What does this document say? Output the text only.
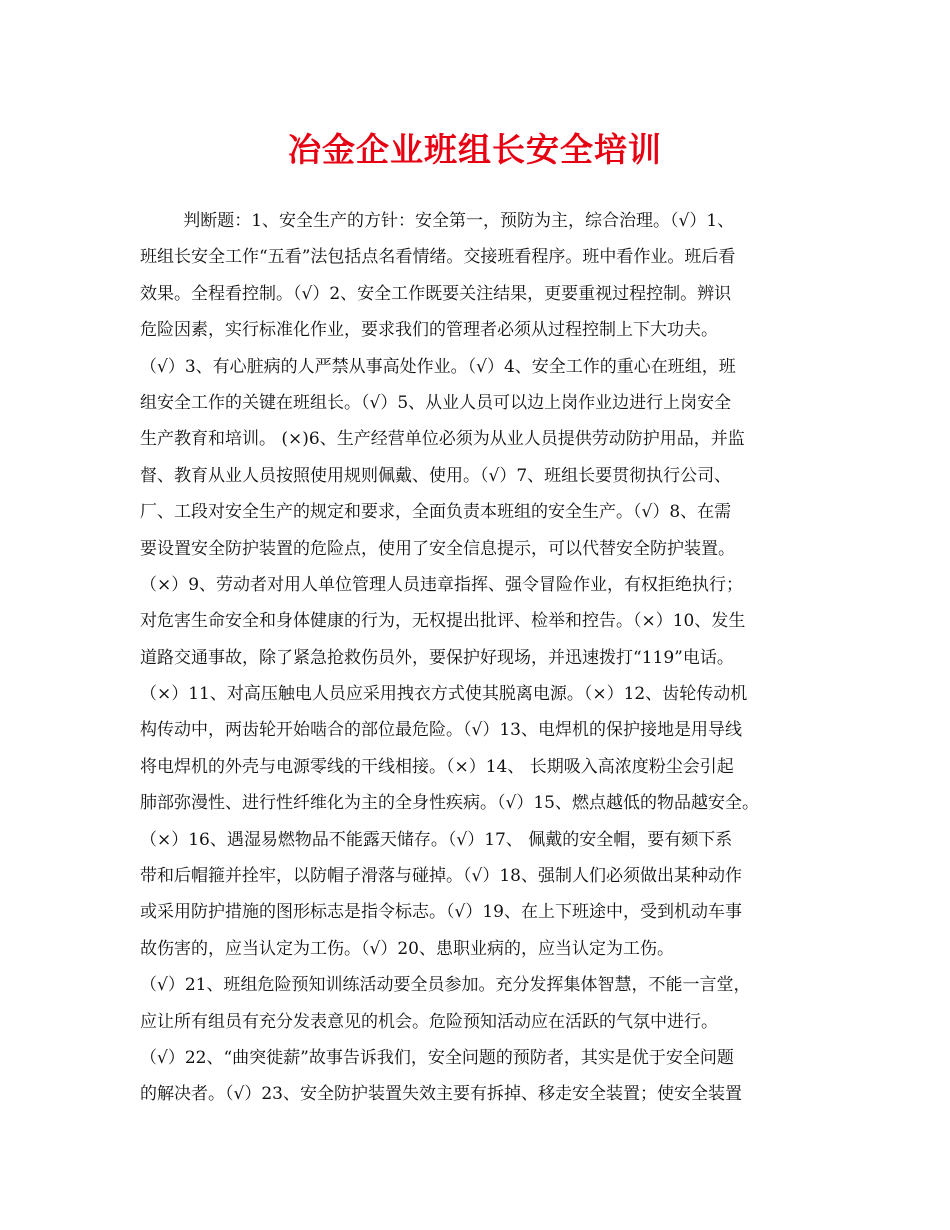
冶金企业班组长安全培训
判断题：1、安全生产的方针：安全第一，预防为主，综合治理。（√）1、
班组长安全工作“五看”法包括点名看情绪。交接班看程序。班中看作业。班后看
效果。全程看控制。（√）2、安全工作既要关注结果，更要重视过程控制。辨识
危险因素，实行标准化作业，要求我们的管理者必须从过程控制上下大功夫。
（√）3、有心脏病的人严禁从事高处作业。（√）4、安全工作的重心在班组，班
组安全工作的关键在班组长。（√）5、从业人员可以边上岗作业边进行上岗安全
生产教育和培训。 (×)6、生产经营单位必须为从业人员提供劳动防护用品，并监
督、教育从业人员按照使用规则佩戴、使用。（√）7、班组长要贯彻执行公司、
厂、工段对安全生产的规定和要求，全面负责本班组的安全生产。（√）8、在需
要设置安全防护装置的危险点，使用了安全信息提示，可以代替安全防护装置。
（×）9、劳动者对用人单位管理人员违章指挥、强令冒险作业，有权拒绝执行；
对危害生命安全和身体健康的行为，无权提出批评、检举和控告。（×）10、发生
道路交通事故，除了紧急抢救伤员外，要保护好现场，并迅速拨打“119”电话。
（×）11、对高压触电人员应采用拽衣方式使其脱离电源。（×）12、齿轮传动机
构传动中，两齿轮开始啮合的部位最危险。（√）13、电焊机的保护接地是用导线
将电焊机的外壳与电源零线的干线相接。（×）14、 长期吸入高浓度粉尘会引起
肺部弥漫性、进行性纤维化为主的全身性疾病。（√）15、燃点越低的物品越安全。
（×）16、遇湿易燃物品不能露天储存。（√）17、 佩戴的安全帽，要有颏下系
带和后帽箍并拴牢，以防帽子滑落与碰掉。（√）18、强制人们必须做出某种动作
或采用防护措施的图形标志是指令标志。（√）19、在上下班途中，受到机动车事
故伤害的，应当认定为工伤。（√）20、患职业病的，应当认定为工伤。
（√）21、班组危险预知训练活动要全员参加。充分发挥集体智慧，不能一言堂，
应让所有组员有充分发表意见的机会。危险预知活动应在活跃的气氛中进行。
（√）22、“曲突徙薪”故事告诉我们，安全问题的预防者，其实是优于安全问题
的解决者。（√）23、安全防护装置失效主要有拆掉、移走安全装置；使安全装置
